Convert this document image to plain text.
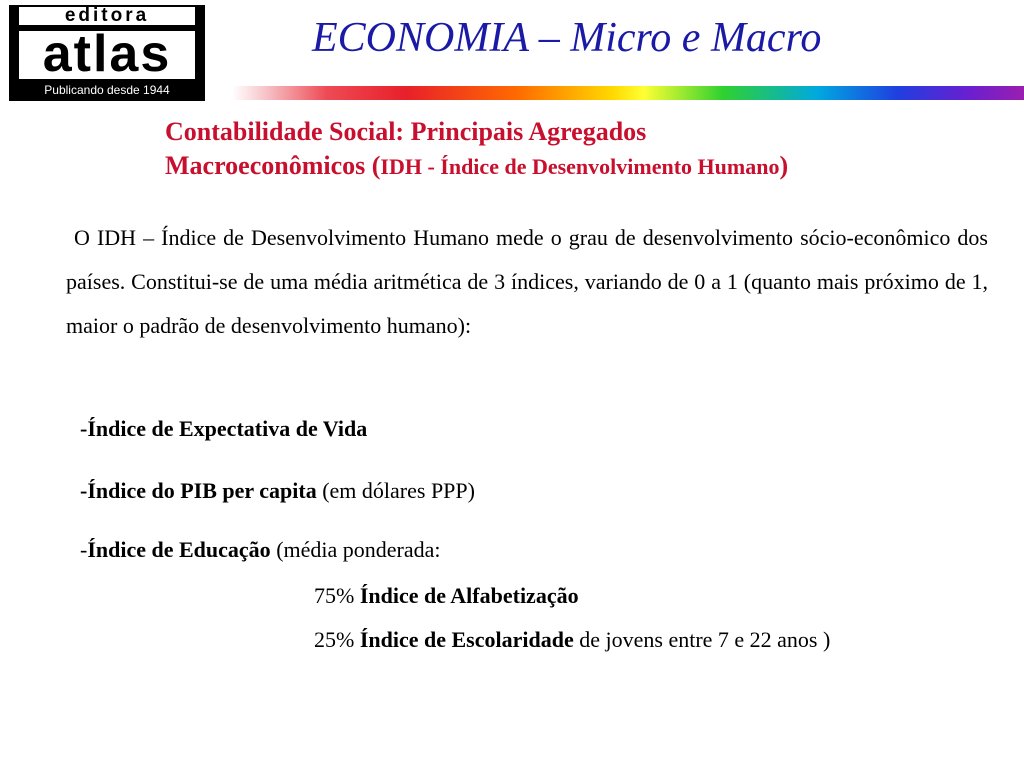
editora
atlas
Publicando desde 1944
ECONOMIA – Micro e Macro
Contabilidade Social: Principais Agregados
Macroeconômicos (IDH - Índice de Desenvolvimento Humano)
O IDH – Índice de Desenvolvimento Humano mede o grau de desenvolvimento sócio-econômico dos países. Constitui-se de uma média aritmética de 3 índices, variando de 0 a 1 (quanto mais próximo de 1, maior o padrão de desenvolvimento humano):
-Índice de Expectativa de Vida
-Índice do PIB per capita (em dólares PPP)
-Índice de Educação (média ponderada:
75% Índice de Alfabetização
25% Índice de Escolaridade de jovens entre 7 e 22 anos )
